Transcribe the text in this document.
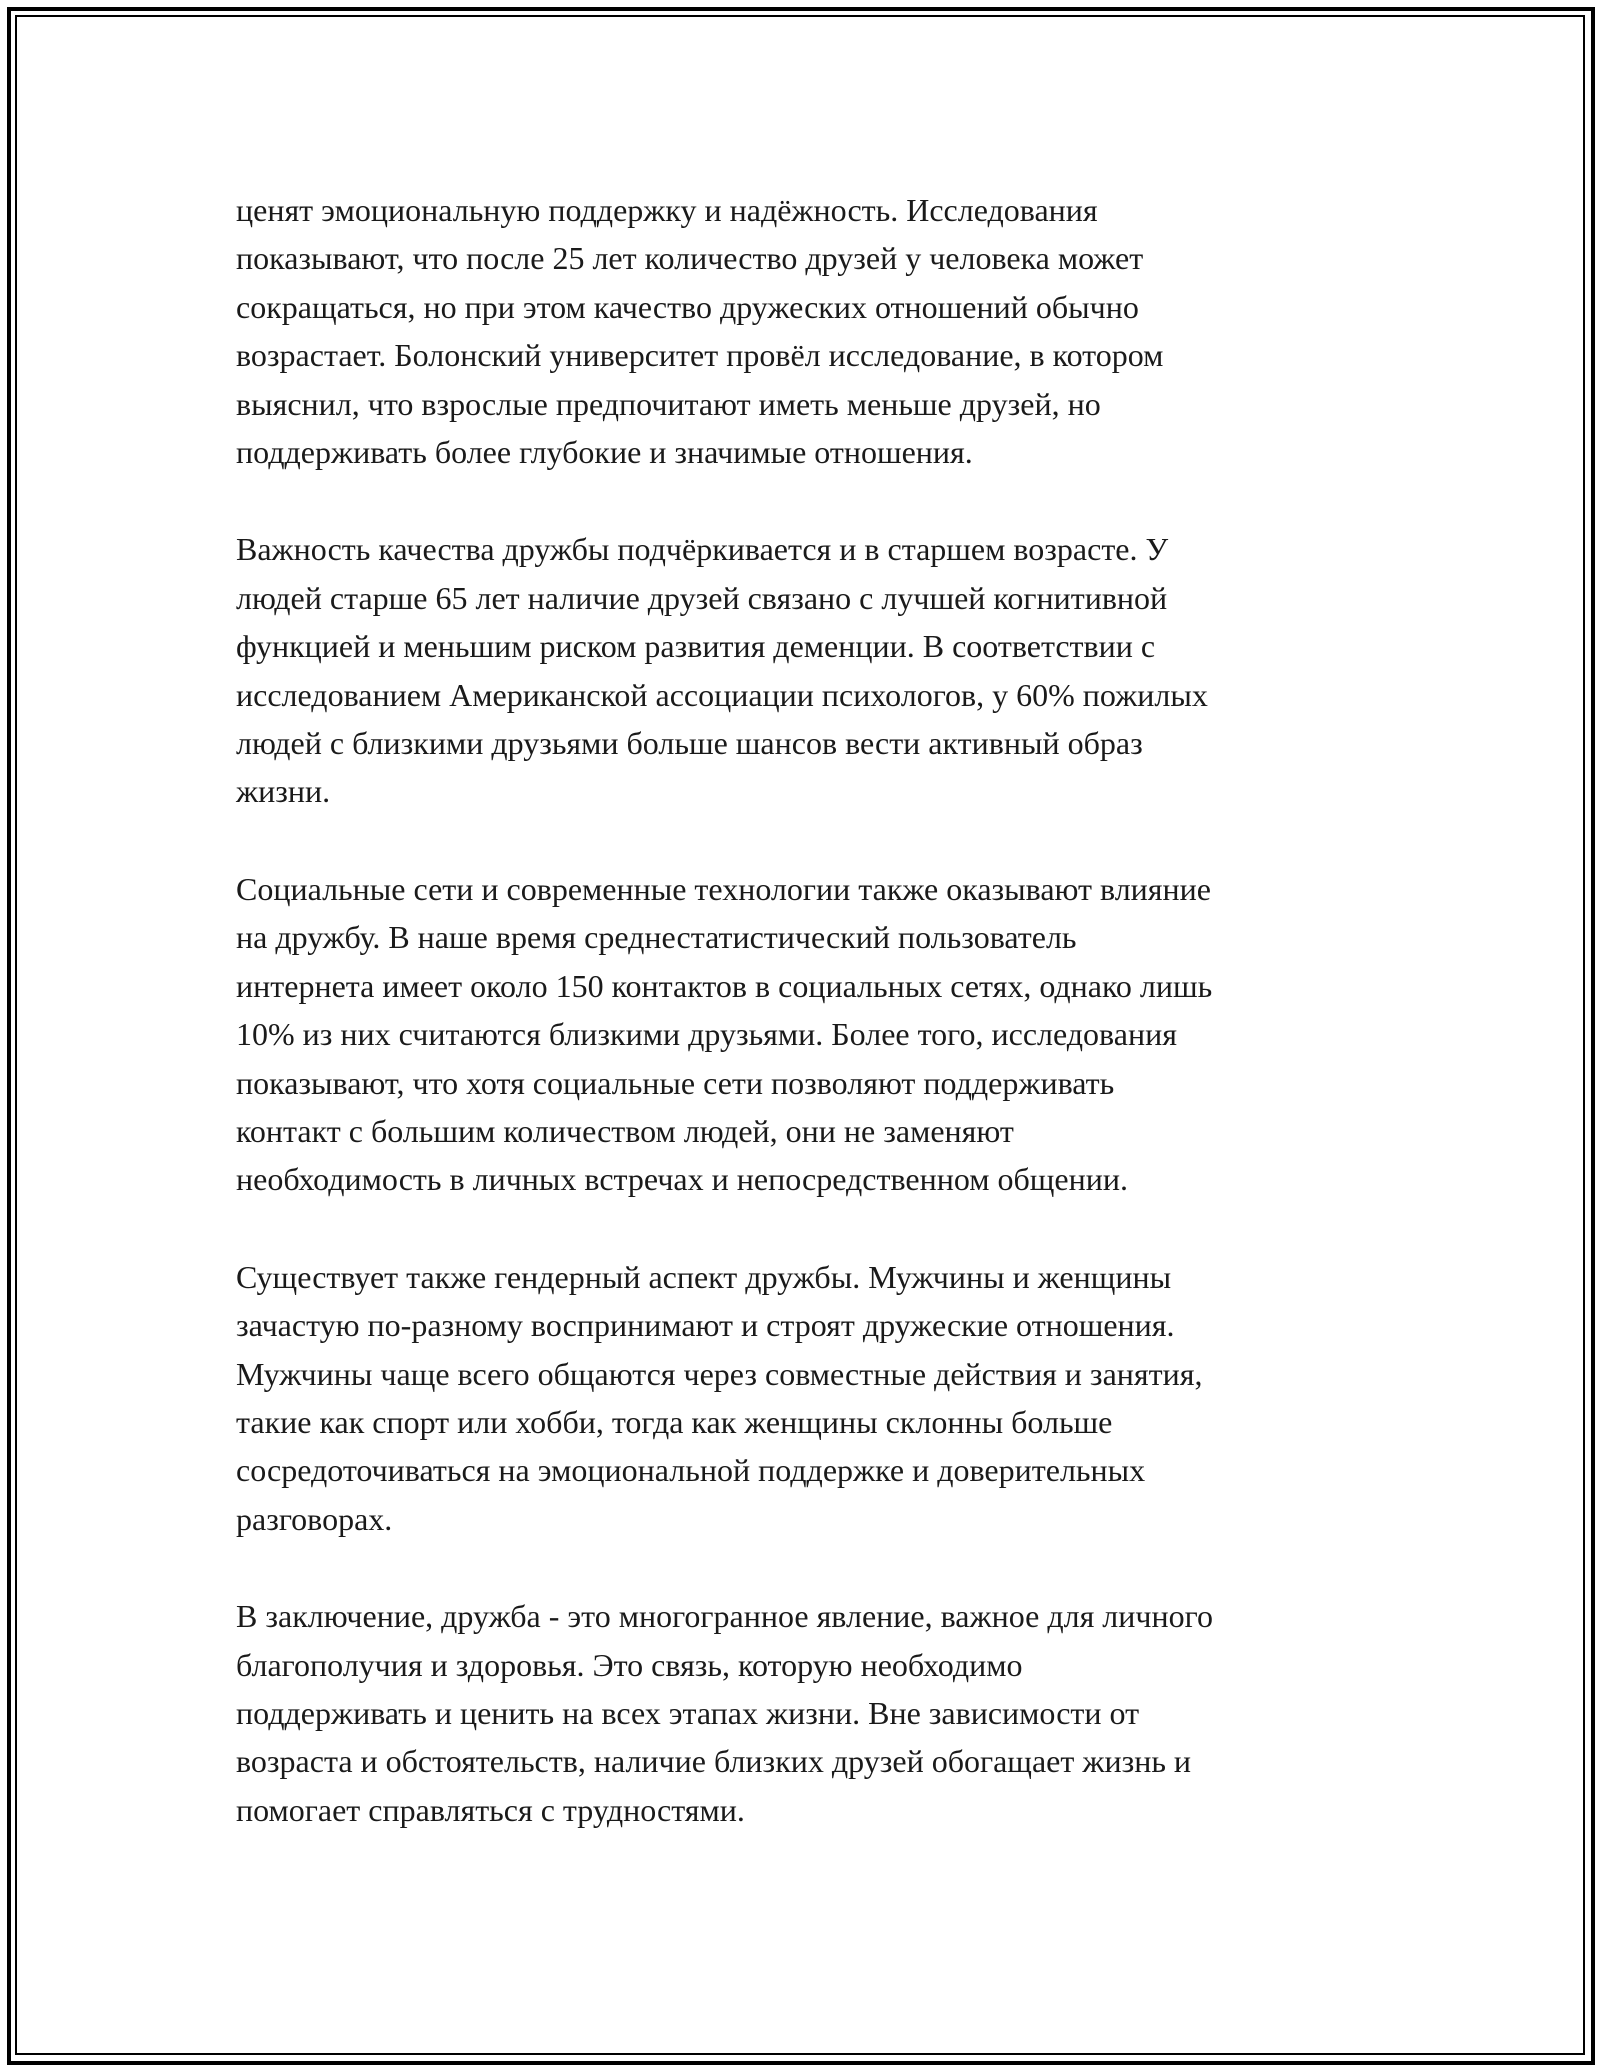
ценят эмоциональную поддержку и надёжность. Исследования
показывают, что после 25 лет количество друзей у человека может
сокращаться, но при этом качество дружеских отношений обычно
возрастает. Болонский университет провёл исследование, в котором
выяснил, что взрослые предпочитают иметь меньше друзей, но
поддерживать более глубокие и значимые отношения.

Важность качества дружбы подчёркивается и в старшем возрасте. У
людей старше 65 лет наличие друзей связано с лучшей когнитивной
функцией и меньшим риском развития деменции. В соответствии с
исследованием Американской ассоциации психологов, у 60% пожилых
людей с близкими друзьями больше шансов вести активный образ
жизни.

Социальные сети и современные технологии также оказывают влияние
на дружбу. В наше время среднестатистический пользователь
интернета имеет около 150 контактов в социальных сетях, однако лишь
10% из них считаются близкими друзьями. Более того, исследования
показывают, что хотя социальные сети позволяют поддерживать
контакт с большим количеством людей, они не заменяют
необходимость в личных встречах и непосредственном общении.

Существует также гендерный аспект дружбы. Мужчины и женщины
зачастую по-разному воспринимают и строят дружеские отношения.
Мужчины чаще всего общаются через совместные действия и занятия,
такие как спорт или хобби, тогда как женщины склонны больше
сосредоточиваться на эмоциональной поддержке и доверительных
разговорах.

В заключение, дружба - это многогранное явление, важное для личного
благополучия и здоровья. Это связь, которую необходимо
поддерживать и ценить на всех этапах жизни. Вне зависимости от
возраста и обстоятельств, наличие близких друзей обогащает жизнь и
помогает справляться с трудностями.
